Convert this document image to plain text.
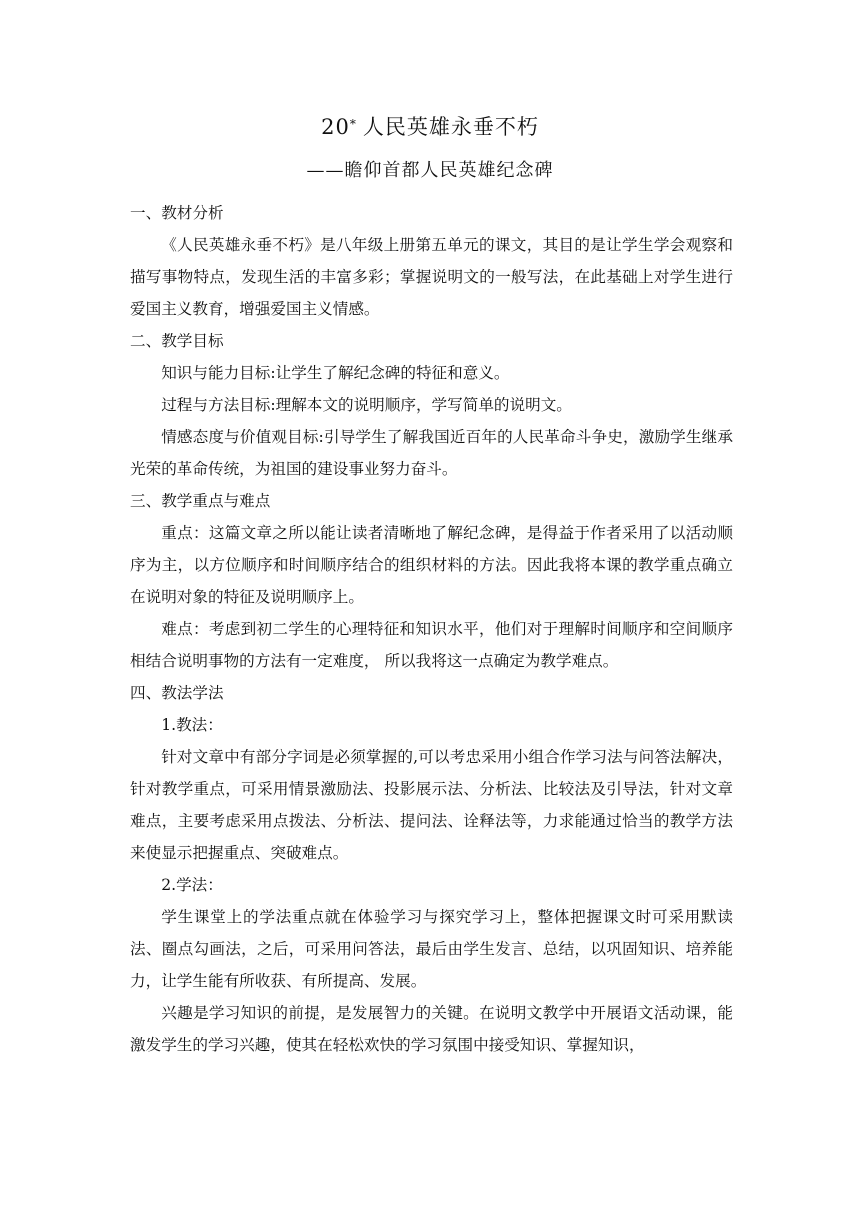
20* 人民英雄永垂不朽
——瞻仰首都人民英雄纪念碑

一、教材分析

《人民英雄永垂不朽》是八年级上册第五单元的课文，其目的是让学生学会观察和描写事物特点，发现生活的丰富多彩；掌握说明文的一般写法，在此基础上对学生进行爱国主义教育，增强爱国主义情感。

二、教学目标

知识与能力目标:让学生了解纪念碑的特征和意义。

过程与方法目标:理解本文的说明顺序，学写简单的说明文。

情感态度与价值观目标:引导学生了解我国近百年的人民革命斗争史，激励学生继承光荣的革命传统，为祖国的建设事业努力奋斗。

三、教学重点与难点

重点：这篇文章之所以能让读者清晰地了解纪念碑，是得益于作者采用了以活动顺序为主，以方位顺序和时间顺序结合的组织材料的方法。因此我将本课的教学重点确立在说明对象的特征及说明顺序上。

难点：考虑到初二学生的心理特征和知识水平，他们对于理解时间顺序和空间顺序相结合说明事物的方法有一定难度， 所以我将这一点确定为教学难点。

四、教法学法

1.教法：

针对文章中有部分字词是必须掌握的,可以考忠采用小组合作学习法与问答法解决，针对教学重点，可采用情景激励法、投影展示法、分析法、比较法及引导法，针对文章难点，主要考虑采用点拨法、分析法、提问法、诠释法等，力求能通过恰当的教学方法来使显示把握重点、突破难点。

2.学法：

学生课堂上的学法重点就在体验学习与探究学习上，整体把握课文时可采用默读法、圈点勾画法，之后，可采用问答法，最后由学生发言、总结，以巩固知识、培养能力，让学生能有所收获、有所提高、发展。

兴趣是学习知识的前提，是发展智力的关键。在说明文教学中开展语文活动课，能激发学生的学习兴趣，使其在轻松欢快的学习氛围中接受知识、掌握知识，
